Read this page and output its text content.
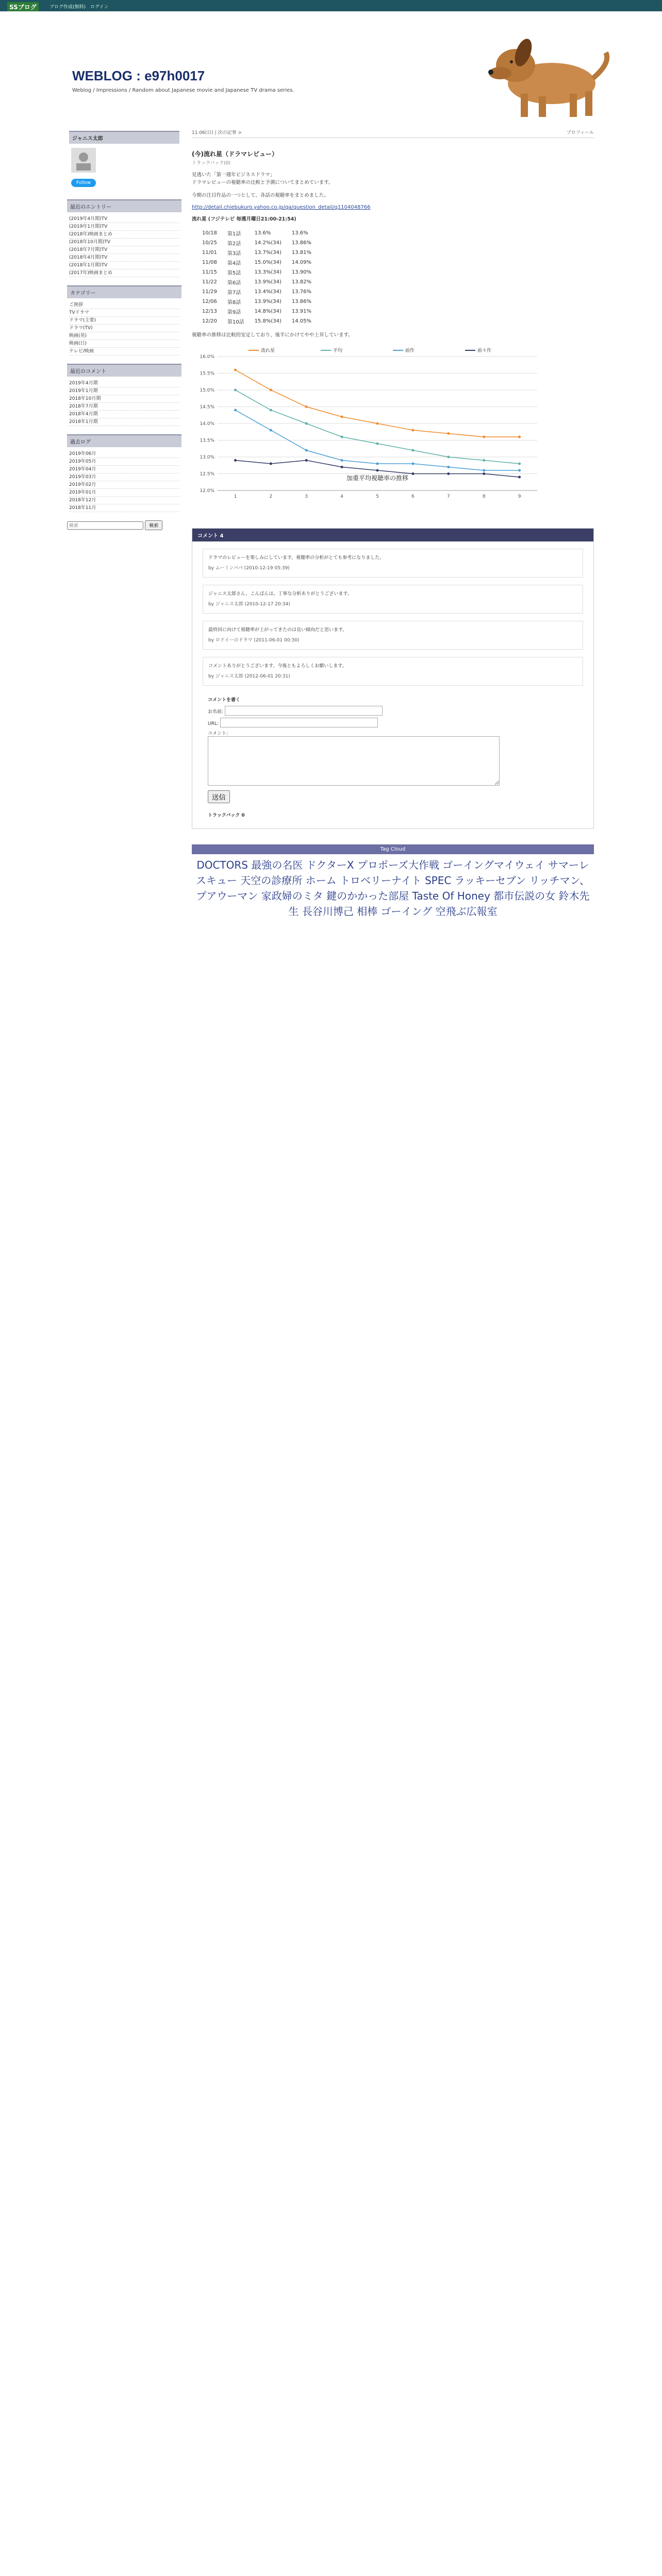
SSブログ	ブログ作成(無料)　ログイン
WEBLOG : e97h0017
Weblog / Impressions / Random about Japanese movie and Japanese TV drama series.
ジャニス太郎

Follow
最近のエントリー
(2019年4月期)TV
(2019年1月期)TV
(2018年)映画まとめ
(2018年10月期)TV
(2018年7月期)TV
(2018年4月期)TV
(2018年1月期)TV
(2017年)映画まとめ
カテゴリー
ご挨拶
TVドラマ
ドラマ(主要)
ドラマ(TV)
映画(英)
映画(日)
テレビ/映画
最近のコメント
2019年4月期
2019年1月期
2018年10月期
2018年7月期
2018年4月期
2018年1月期
過去ログ
2019年06月
2019年05月
2019年04月
2019年03月
2019年02月
2019年01月
2018年12月
2018年11月
検索 検索
11.06(日) | 次の記事 >	プロフィール
(今)流れ星（ドラマレビュー）
トラックバック(0)
見逃いた「第一週年ビジネスドラマ」
ドラマレビューの視聴率の比較と予測についてまとめています。
今期の注目作品の一つとして、各話の視聴率をまとめました。
http://detail.chiebukuro.yahoo.co.jp/qa/question_detail/q1104048766
流れ星 (フジテレビ 毎週月曜日21:00-21:54)
10/18	第1話	13.6%	13.6%
10/25	第2話	14.2%(34)	13.86%
11/01	第3話	13.7%(34)	13.81%
11/08	第4話	15.0%(34)	14.09%
11/15	第5話	13.3%(34)	13.90%
11/22	第6話	13.9%(34)	13.82%
11/29	第7話	13.4%(34)	13.76%
12/06	第8話	13.9%(34)	13.86%
12/13	第9話	14.8%(34)	13.91%
12/20	第10話	15.8%(34)	14.05%
視聴率の推移は比較的安定しており、後半にかけてやや上昇しています。
12.0%
12.5%
13.0%
13.5%
14.0%
14.5%
15.0%
15.5%
16.0%
1	2	3	4	5	6	7	8	9
流れ星	平均	前作	前々作
加重平均視聴率の推移
コメント 4
ドラマのレビューを楽しみにしています。視聴率の分析がとても参考になりました。
by ムーミンパパ (2010-12-19 05:39)
ジャニス太郎さん、こんばんは。丁寧な分析ありがとうございます。
by ジャニス太郎 (2010-12-17 20:34)
最終回に向けて視聴率が上がってきたのは良い傾向だと思います。
by ロドイーのドラマ (2011-06-01 00:30)
コメントありがとうございます。今後ともよろしくお願いします。
by ジャニス太郎 (2012-06-01 20:31)
コメントを書く
お名前:
URL:
コメント:

送信
トラックバック 0
Tag Cloud
DOCTORS 最強の名医 ドクターX プロポーズ大作戦 ゴーイングマイウェイ サマーレスキュー 天空の診療所 ホーム トロベリーナイト SPEC ラッキーセブン リッチマン、プアウーマン 家政婦のミタ 鍵のかかった部屋 Taste Of Honey 都市伝説の女 鈴木先生 長谷川博己 相棒 ゴーイング 空飛ぶ広報室
